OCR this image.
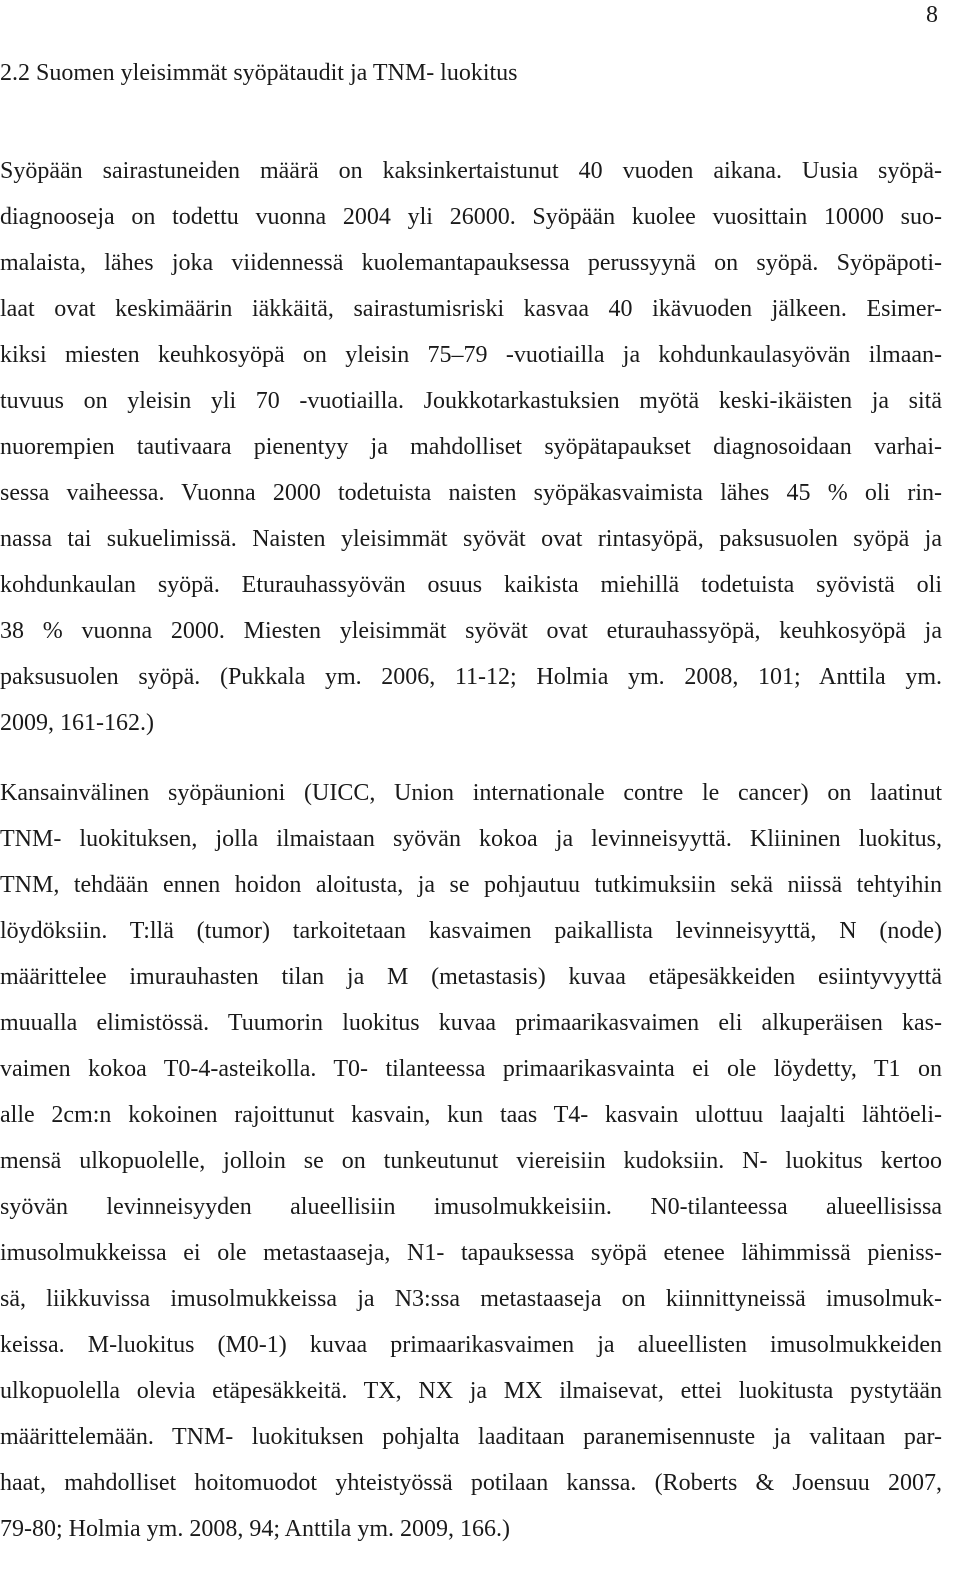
8
2.2 Suomen yleisimmät syöpätaudit ja TNM- luokitus
Syöpään sairastuneiden määrä on kaksinkertaistunut 40 vuoden aikana. Uusia syöpä-
diagnooseja on todettu vuonna 2004 yli 26000. Syöpään kuolee vuosittain 10000 suo-
malaista, lähes joka viidennessä kuolemantapauksessa perussyynä on syöpä. Syöpäpoti-
laat ovat keskimäärin iäkkäitä, sairastumisriski kasvaa 40 ikävuoden jälkeen. Esimer-
kiksi miesten keuhkosyöpä on yleisin 75–79 -vuotiailla ja kohdunkaulasyövän ilmaan-
tuvuus on yleisin yli 70 -vuotiailla. Joukkotarkastuksien myötä keski-ikäisten ja sitä
nuorempien tautivaara pienentyy ja mahdolliset syöpätapaukset diagnosoidaan varhai-
sessa vaiheessa. Vuonna 2000 todetuista naisten syöpäkasvaimista lähes 45 % oli rin-
nassa tai sukuelimissä. Naisten yleisimmät syövät ovat rintasyöpä, paksusuolen syöpä ja
kohdunkaulan syöpä. Eturauhassyövän osuus kaikista miehillä todetuista syövistä oli
38 % vuonna 2000. Miesten yleisimmät syövät ovat eturauhassyöpä, keuhkosyöpä ja
paksusuolen syöpä. (Pukkala ym. 2006, 11-12; Holmia ym. 2008, 101; Anttila ym.
2009, 161-162.)
Kansainvälinen syöpäunioni (UICC, Union internationale contre le cancer) on laatinut
TNM- luokituksen, jolla ilmaistaan syövän kokoa ja levinneisyyttä. Kliininen luokitus,
TNM, tehdään ennen hoidon aloitusta, ja se pohjautuu tutkimuksiin sekä niissä tehtyihin
löydöksiin. T:llä (tumor) tarkoitetaan kasvaimen paikallista levinneisyyttä, N (node)
määrittelee imurauhasten tilan ja M (metastasis) kuvaa etäpesäkkeiden esiintyvyyttä
muualla elimistössä. Tuumorin luokitus kuvaa primaarikasvaimen eli alkuperäisen kas-
vaimen kokoa T0-4-asteikolla. T0- tilanteessa primaarikasvainta ei ole löydetty, T1 on
alle 2cm:n kokoinen rajoittunut kasvain, kun taas T4- kasvain ulottuu laajalti lähtöeli-
mensä ulkopuolelle, jolloin se on tunkeutunut viereisiin kudoksiin. N- luokitus kertoo
syövän levinneisyyden alueellisiin imusolmukkeisiin. N0-tilanteessa alueellisissa
imusolmukkeissa ei ole metastaaseja, N1- tapauksessa syöpä etenee lähimmissä pieniss-
sä, liikkuvissa imusolmukkeissa ja N3:ssa metastaaseja on kiinnittyneissä imusolmuk-
keissa. M-luokitus (M0-1) kuvaa primaarikasvaimen ja alueellisten imusolmukkeiden
ulkopuolella olevia etäpesäkkeitä. TX, NX ja MX ilmaisevat, ettei luokitusta pystytään
määrittelemään. TNM- luokituksen pohjalta laaditaan paranemisennuste ja valitaan par-
haat, mahdolliset hoitomuodot yhteistyössä potilaan kanssa. (Roberts & Joensuu 2007,
79-80; Holmia ym. 2008, 94; Anttila ym. 2009, 166.)
